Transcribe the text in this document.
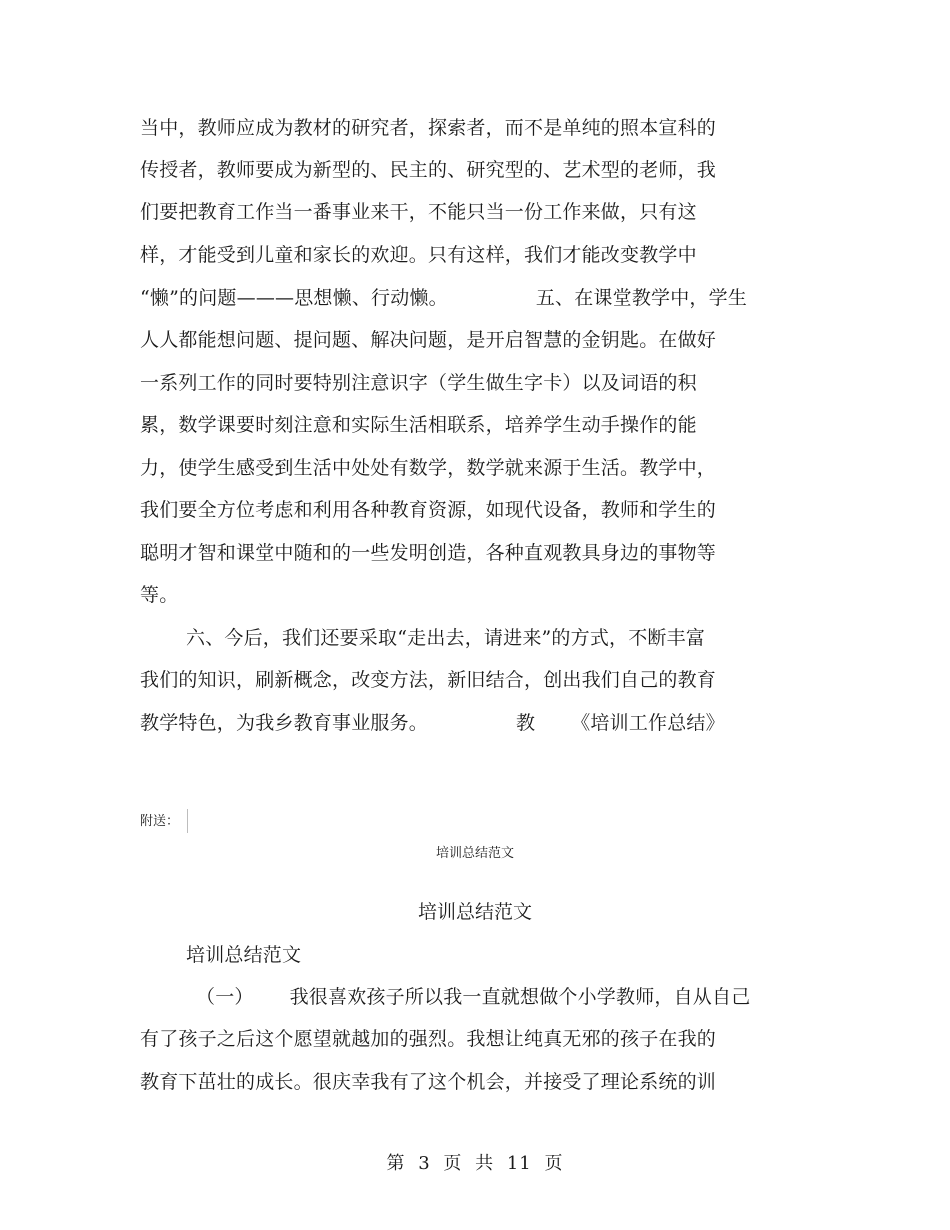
当中，教师应成为教材的研究者，探索者，而不是单纯的照本宣科的
传授者，教师要成为新型的、民主的、研究型的、艺术型的老师，我
们要把教育工作当一番事业来干，不能只当一份工作来做，只有这
样，才能受到儿童和家长的欢迎。只有这样，我们才能改变教学中
“懒”的问题———思想懒、行动懒。	五、在课堂教学中，学生
人人都能想问题、提问题、解决问题，是开启智慧的金钥匙。在做好
一系列工作的同时要特别注意识字（学生做生字卡）以及词语的积
累，数学课要时刻注意和实际生活相联系，培养学生动手操作的能
力，使学生感受到生活中处处有数学，数学就来源于生活。教学中，
我们要全方位考虑和利用各种教育资源，如现代设备，教师和学生的
聪明才智和课堂中随和的一些发明创造，各种直观教具身边的事物等
等。
六、今后，我们还要采取“走出去，请进来”的方式，不断丰富
我们的知识，刷新概念，改变方法，新旧结合，创出我们自己的教育
教学特色，为我乡教育事业服务。	教 《培训工作总结》
附送：
培训总结范文
培训总结范文
培训总结范文
（一） 我很喜欢孩子所以我一直就想做个小学教师，自从自己
有了孩子之后这个愿望就越加的强烈。我想让纯真无邪的孩子在我的
教育下茁壮的成长。很庆幸我有了这个机会，并接受了理论系统的训
第 3 页 共 11 页
